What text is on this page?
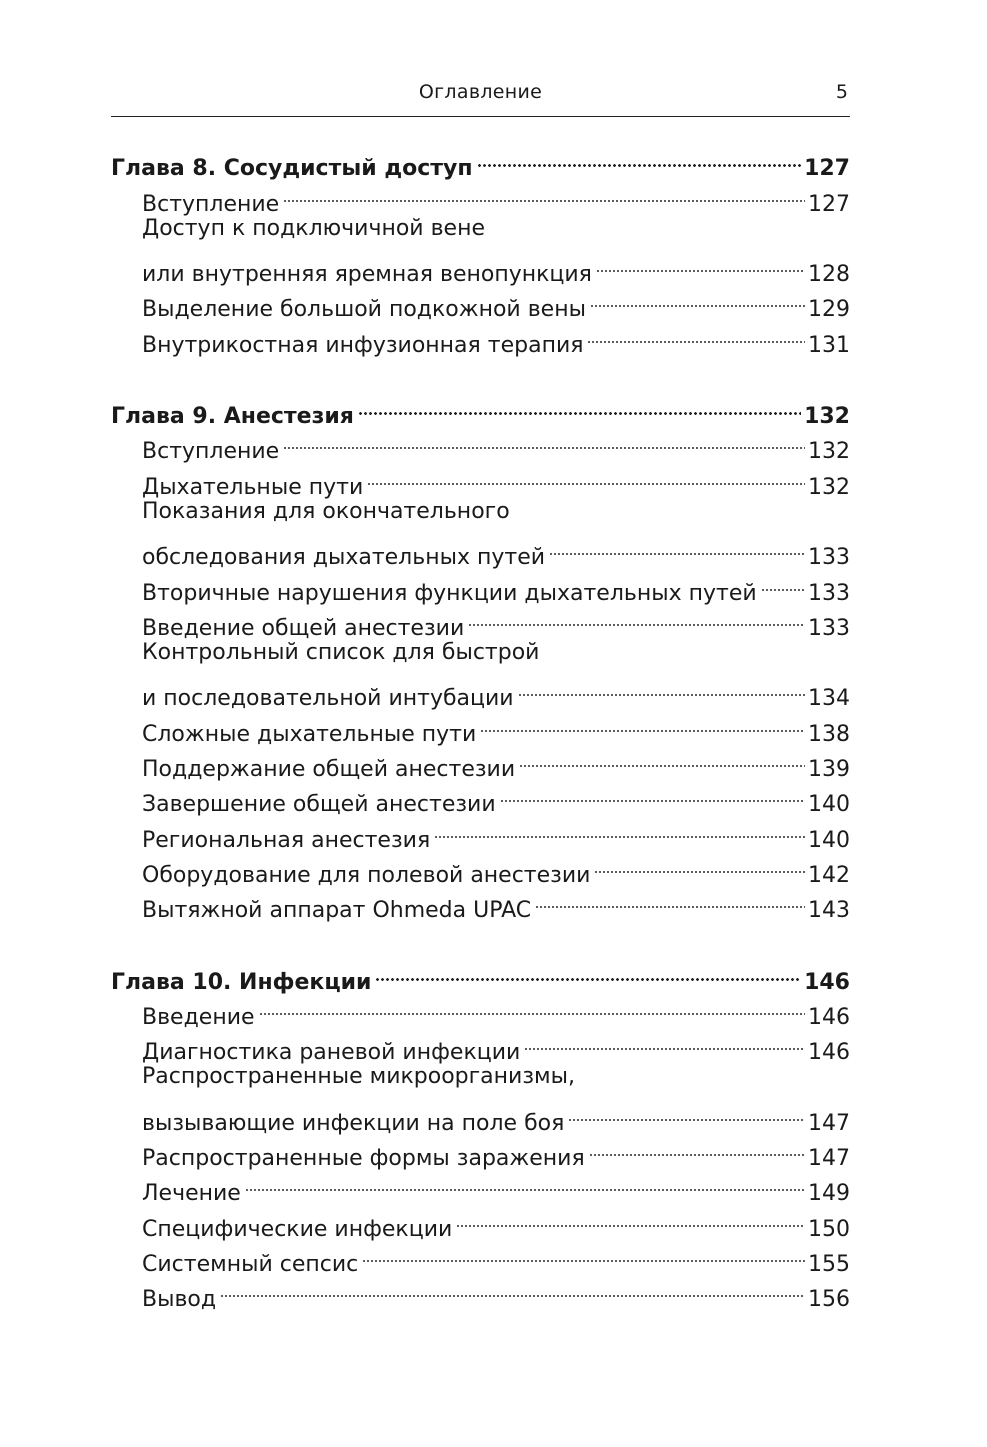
Оглавление	5
Глава 8. Сосудистый доступ	127
Вступление	127
Доступ к подключичной вене
или внутренняя яремная венопункция	128
Выделение большой подкожной вены	129
Внутрикостная инфузионная терапия	131
Глава 9. Анестезия	132
Вступление	132
Дыхательные пути	132
Показания для окончательного
обследования дыхательных путей	133
Вторичные нарушения функции дыхательных путей 133
Введение общей анестезии	133
Контрольный список для быстрой
и последовательной интубации	134
Сложные дыхательные пути	138
Поддержание общей анестезии	139
Завершение общей анестезии	140
Региональная анестезия	140
Оборудование для полевой анестезии	142
Вытяжной аппарат Ohmeda UPAC	143
Глава 10. Инфекции	146
Введение	146
Диагностика раневой инфекции	146
Распространенные микроорганизмы,
вызывающие инфекции на поле боя	147
Распространенные формы заражения	147
Лечение	149
Специфические инфекции	150
Системный сепсис	155
Вывод	156
